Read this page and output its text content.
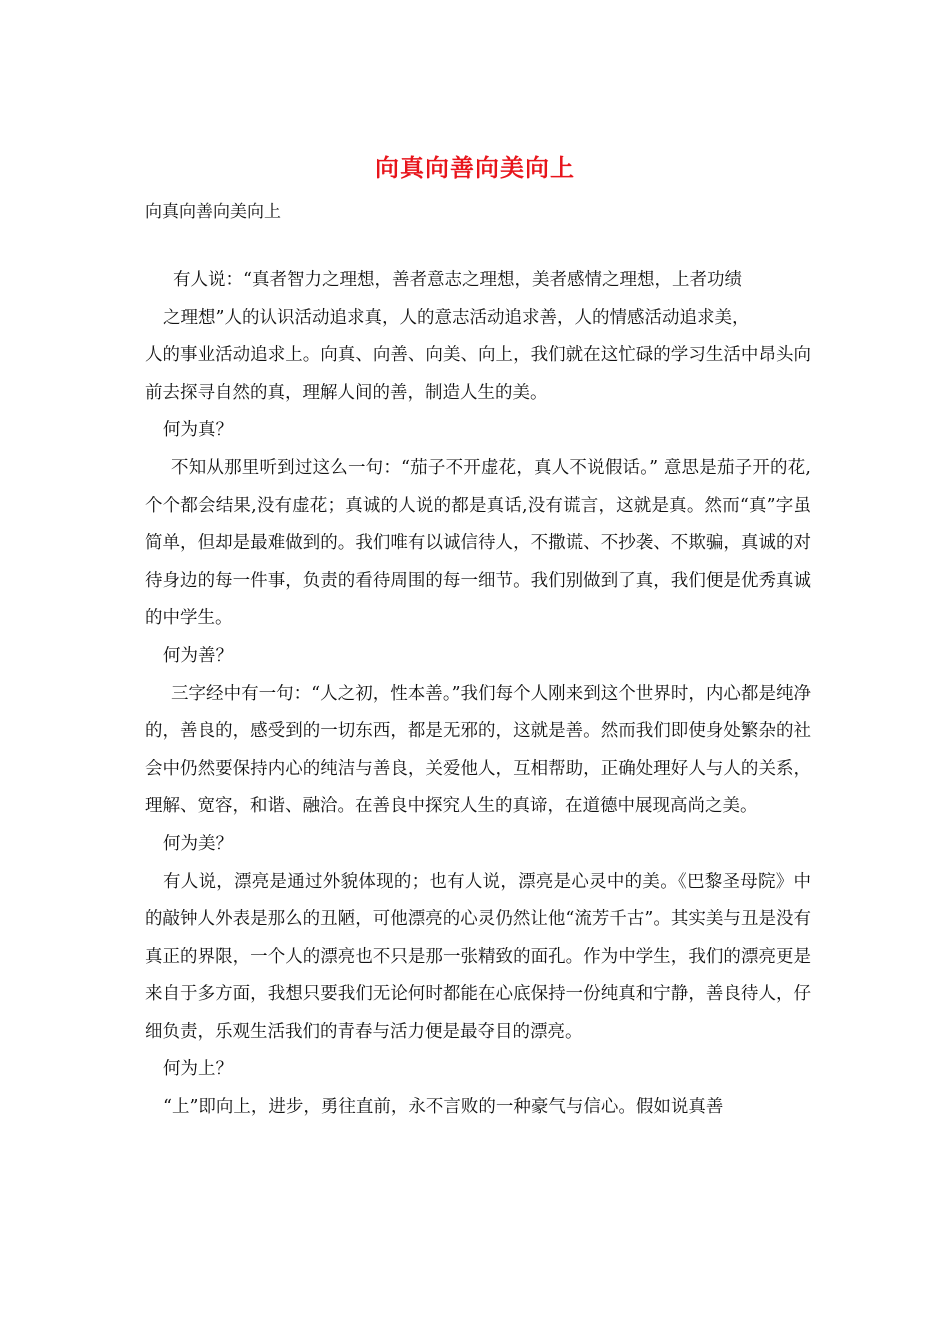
向真向善向美向上
向真向善向美向上

有人说：“真者智力之理想，善者意志之理想，美者感情之理想，上者功绩

之理想”人的认识活动追求真，人的意志活动追求善，人的情感活动追求美，

人的事业活动追求上。向真、向善、向美、向上，我们就在这忙碌的学习生活中昂头向前去探寻自然的真，理解人间的善，制造人生的美。

何为真？

不知从那里听到过这么一句：“茄子不开虚花，真人不说假话。” 意思是茄子开的花,个个都会结果,没有虚花；真诚的人说的都是真话,没有谎言，这就是真。然而“真”字虽简单，但却是最难做到的。我们唯有以诚信待人，不撒谎、不抄袭、不欺骗，真诚的对待身边的每一件事，负责的看待周围的每一细节。我们别做到了真，我们便是优秀真诚的中学生。

何为善？

三字经中有一句：“人之初，性本善。”我们每个人刚来到这个世界时，内心都是纯净的，善良的，感受到的一切东西，都是无邪的，这就是善。然而我们即使身处繁杂的社会中仍然要保持内心的纯洁与善良，关爱他人，互相帮助，正确处理好人与人的关系，理解、宽容，和谐、融洽。在善良中探究人生的真谛，在道德中展现高尚之美。

何为美？

有人说，漂亮是通过外貌体现的；也有人说，漂亮是心灵中的美。《巴黎圣母院》中的敲钟人外表是那么的丑陋，可他漂亮的心灵仍然让他“流芳千古”。其实美与丑是没有真正的界限，一个人的漂亮也不只是那一张精致的面孔。作为中学生，我们的漂亮更是来自于多方面，我想只要我们无论何时都能在心底保持一份纯真和宁静，善良待人，仔细负责，乐观生活我们的青春与活力便是最夺目的漂亮。

何为上？

“上”即向上，进步，勇往直前，永不言败的一种豪气与信心。假如说真善
